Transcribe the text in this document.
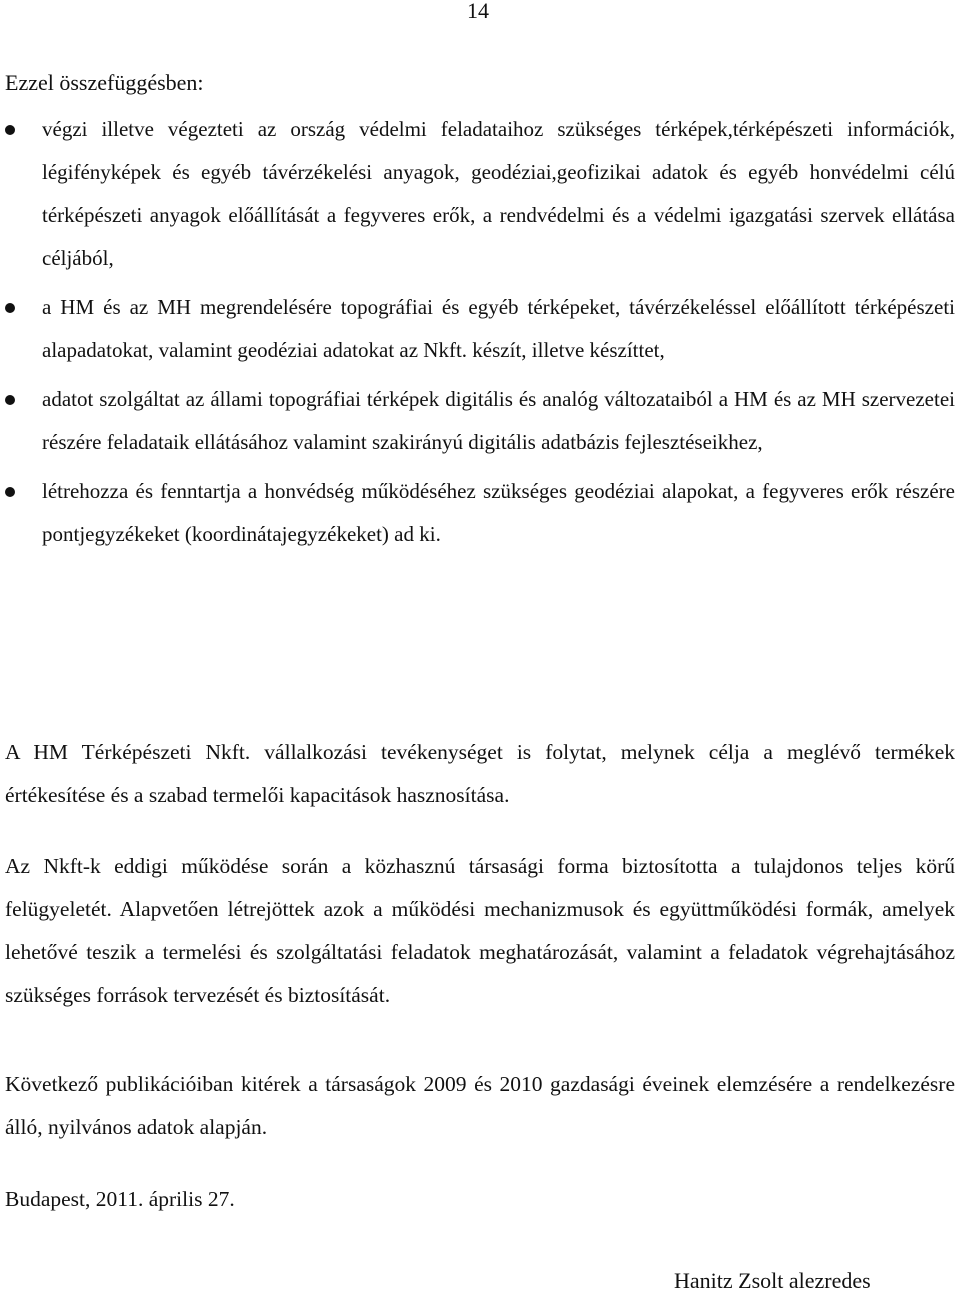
14

Ezzel összefüggésben:

végzi illetve végezteti az ország védelmi feladataihoz szükséges térképek,térképészeti információk, légifényképek és egyéb távérzékelési anyagok, geodéziai,geofizikai adatok és egyéb honvédelmi célú térképészeti anyagok előállítását a fegyveres erők, a rendvédelmi és a védelmi igazgatási szervek ellátása céljából,
a HM és az MH megrendelésére topográfiai és egyéb térképeket, távérzékeléssel előállított térképészeti alapadatokat, valamint geodéziai adatokat az Nkft. készít, illetve készíttet,
adatot szolgáltat az állami topográfiai térképek digitális és analóg változataiból a HM és az MH szervezetei részére feladataik ellátásához valamint szakirányú digitális adatbázis fejlesztéseikhez,
létrehozza és fenntartja a honvédség működéséhez szükséges geodéziai alapokat, a fegyveres erők részére pontjegyzékeket (koordinátajegyzékeket) ad ki.

A HM Térképészeti Nkft. vállalkozási tevékenységet is folytat, melynek célja a meglévő termékek értékesítése és a szabad termelői kapacitások hasznosítása.

Az Nkft-k eddigi működése során a közhasznú társasági forma biztosította a tulajdonos teljes körű felügyeletét. Alapvetően létrejöttek azok a működési mechanizmusok és együttműködési formák, amelyek lehetővé teszik a termelési és szolgáltatási feladatok meghatározását, valamint a feladatok végrehajtásához szükséges források tervezését és biztosítását.

Következő publikációiban kitérek a társaságok 2009 és 2010 gazdasági éveinek elemzésére a rendelkezésre álló, nyilvános adatok alapján.

Budapest, 2011. április 27.

Hanitz Zsolt alezredes
